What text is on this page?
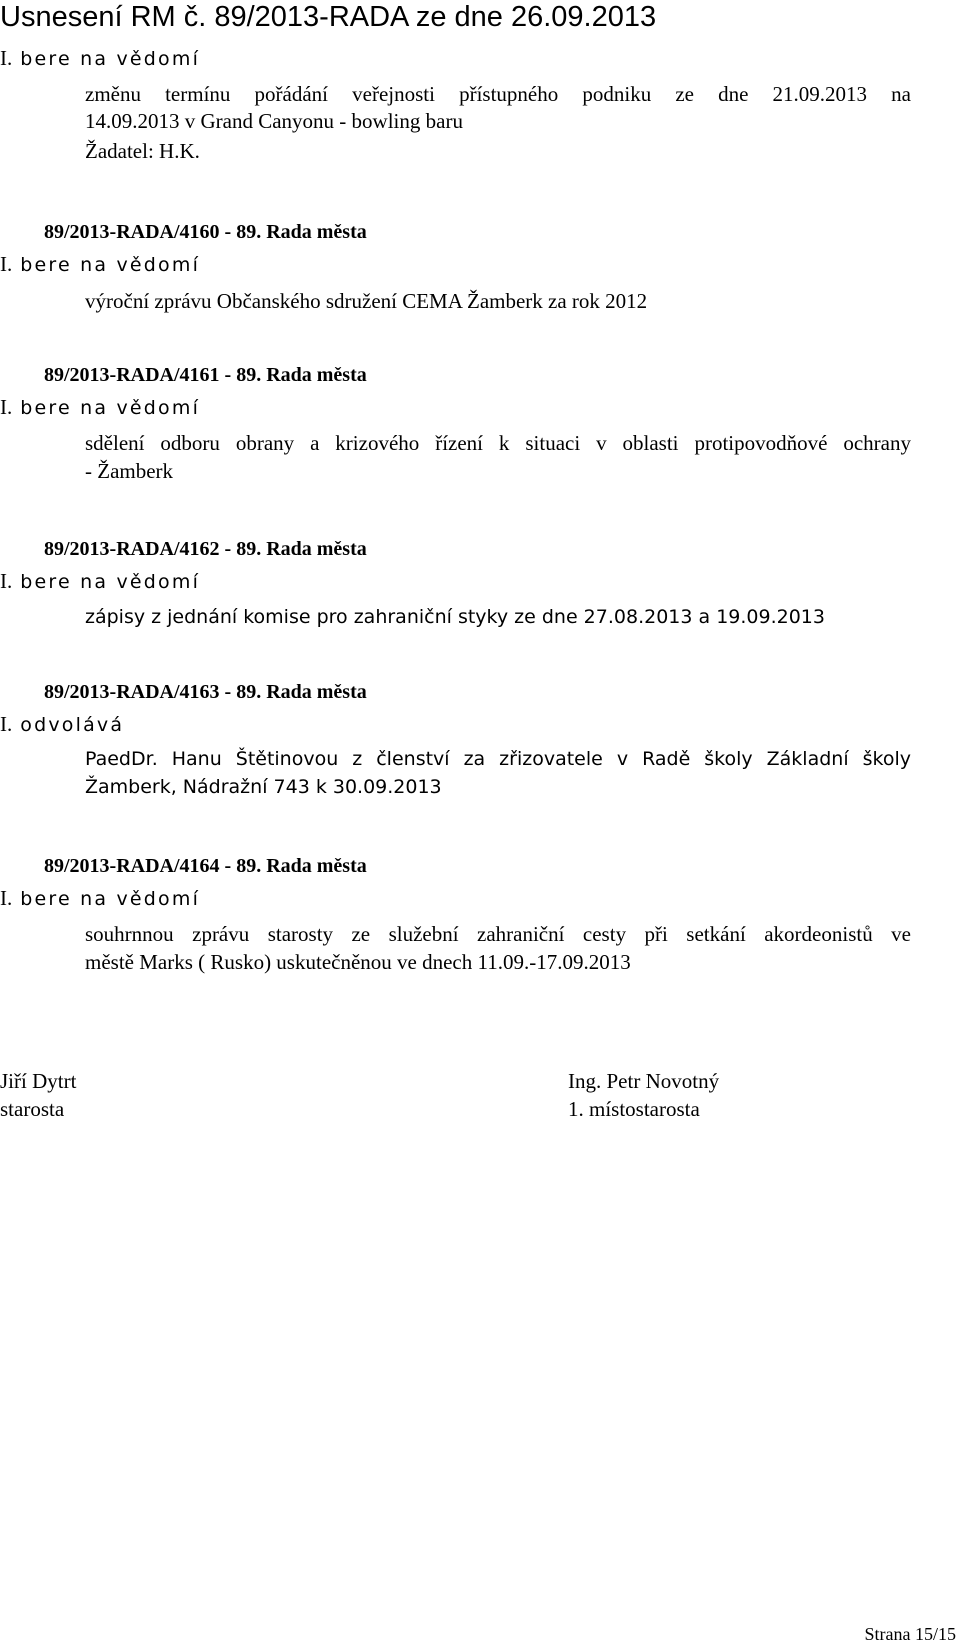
Usnesení RM č. 89/2013-RADA ze dne 26.09.2013
I. bere na vědomí
změnu termínu pořádání veřejnosti přístupného podniku ze dne 21.09.2013 na
14.09.2013 v Grand Canyonu - bowling baru
Žadatel: H.K.
89/2013-RADA/4160 - 89. Rada města
I. bere na vědomí
výroční zprávu Občanského sdružení CEMA Žamberk za rok 2012
89/2013-RADA/4161 - 89. Rada města
I. bere na vědomí
sdělení odboru obrany a krizového řízení k situaci v oblasti protipovodňové ochrany
- Žamberk
89/2013-RADA/4162 - 89. Rada města
I. bere na vědomí
zápisy z jednání komise pro zahraniční styky ze dne 27.08.2013 a 19.09.2013
89/2013-RADA/4163 - 89. Rada města
I. odvolává
PaedDr. Hanu Štětinovou z členství za zřizovatele v Radě školy Základní školy
Žamberk, Nádražní 743 k 30.09.2013
89/2013-RADA/4164 - 89. Rada města
I. bere na vědomí
souhrnnou zprávu starosty ze služební zahraniční cesty při setkání akordeonistů ve
městě Marks ( Rusko) uskutečněnou ve dnech 11.09.-17.09.2013
Jiří Dytrt
starosta
Ing. Petr Novotný
1. místostarosta
Strana 15/15
